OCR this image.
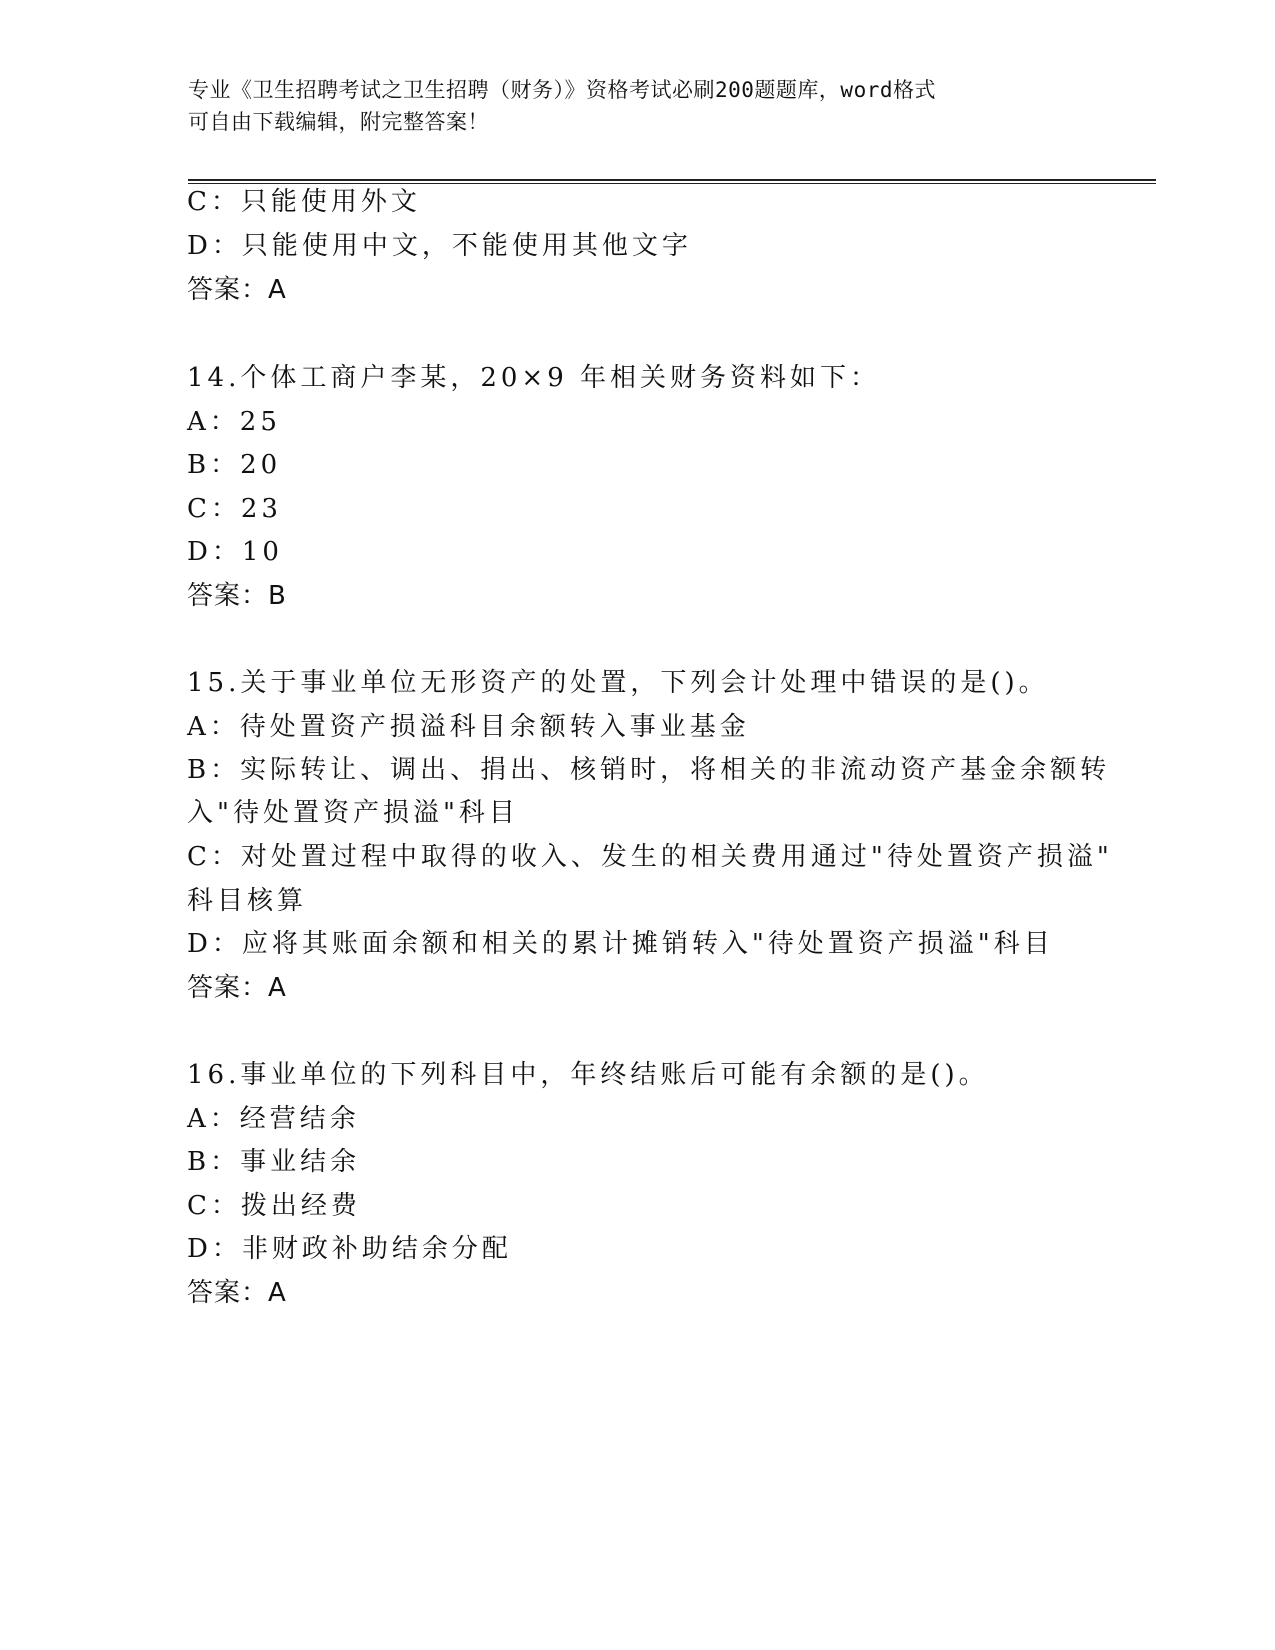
专业《卫生招聘考试之卫生招聘（财务）》资格考试必刷200题题库，word格式
可自由下载编辑，附完整答案！
C：只能使用外文
D：只能使用中文，不能使用其他文字
答案：A
14.个体工商户李某，20×9 年相关财务资料如下：
A：25
B：20
C：23
D：10
答案：B
15.关于事业单位无形资产的处置，下列会计处理中错误的是()。
A：待处置资产损溢科目余额转入事业基金
B：实际转让、调出、捐出、核销时，将相关的非流动资产基金余额转
入"待处置资产损溢"科目
C：对处置过程中取得的收入、发生的相关费用通过"待处置资产损溢"
科目核算
D：应将其账面余额和相关的累计摊销转入"待处置资产损溢"科目
答案：A
16.事业单位的下列科目中，年终结账后可能有余额的是()。
A：经营结余
B：事业结余
C：拨出经费
D：非财政补助结余分配
答案：A
